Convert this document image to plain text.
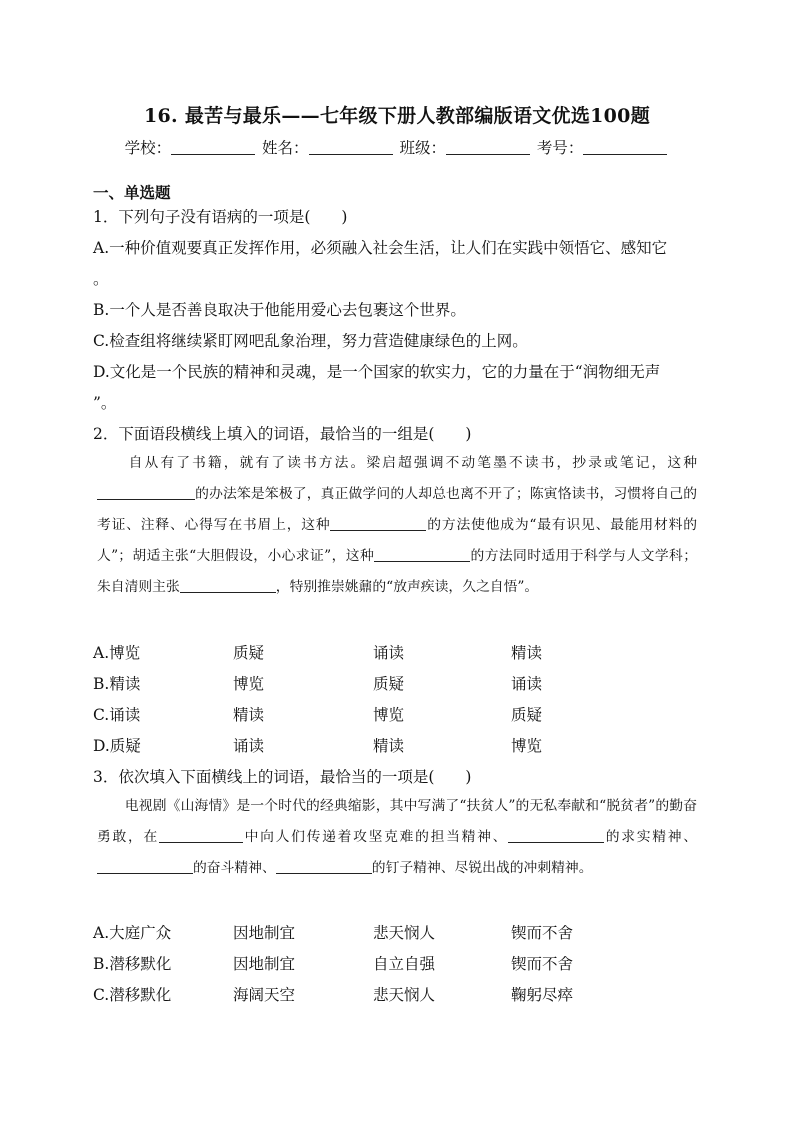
16. 最苦与最乐——七年级下册人教部编版语文优选100题
学校：	姓名：	班级：	考号：
一、单选题
1．下列句子没有语病的一项是(　　)
A.一种价值观要真正发挥作用，必须融入社会生活，让人们在实践中领悟它、感知它
。
B.一个人是否善良取决于他能用爱心去包裹这个世界。
C.检查组将继续紧盯网吧乱象治理，努力营造健康绿色的上网。
D.文化是一个民族的精神和灵魂，是一个国家的软实力，它的力量在于“润物细无声
”。
2．下面语段横线上填入的词语，最恰当的一组是(　　)

　　自从有了书籍，就有了读书方法。梁启超强调不动笔墨不读书，抄录或笔记，这种的办法笨是笨极了，真正做学问的人却总也离不开了；陈寅恪读书，习惯将自己的考证、注释、心得写在书眉上，这种	的方法使他成为“最有识见、最能用材料的人”；胡适主张“大胆假设，小心求证”，这种	的方法同时适用于科学与人文学科；朱自清则主张	，特别推崇姚鼐的“放声疾读，久之自悟”。

A.博览	质疑	诵读	精读
B.精读	博览	质疑	诵读
C.诵读	精读	博览	质疑
D.质疑	诵读	精读	博览
3．依次填入下面横线上的词语，最恰当的一项是(　　)

　　电视剧《山海情》是一个时代的经典缩影，其中写满了“扶贫人”的无私奉献和“脱贫者”的勤奋勇敢，在	中向人们传递着攻坚克难的担当精神、	的求实精神、的奋斗精神、	的钉子精神、尽锐出战的冲刺精神。

A.大庭广众	因地制宜	悲天悯人	锲而不舍
B.潜移默化	因地制宜	自立自强	锲而不舍
C.潜移默化	海阔天空	悲天悯人	鞠躬尽瘁
